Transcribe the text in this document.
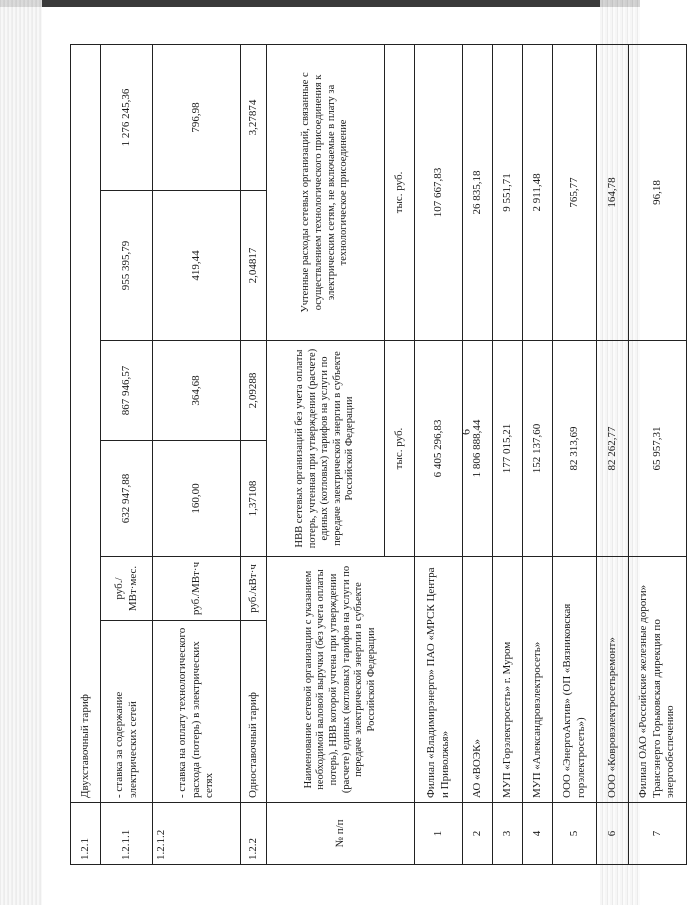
6
1.2.1	Двухставочный тариф					
1.2.1.1	- ставка за содержание электрических сетей	руб./ МВт·мес.	632 947,88	867 946,57	955 395,79	1 276 245,36
1.2.1.2	- ставка на оплату технологического расхода (потерь) в электрических сетях	руб./МВт·ч	160,00	364,68	419,44	796,98
1.2.2	Одноставочный тариф	руб./кВт·ч	1,37108	2,09288	2,04817	3,27874
№ п/п	Наименование сетевой организации с указанием необходимой валовой выручки (без учета оплаты потерь), НВВ которой учтена при утверждении (расчете) единых (котловых) тарифов на услуги по передаче электрической энергии в субъекте Российской Федерации		НВВ сетевых организаций без учета оплаты потерь, учтенная при утверждении (расчете) единых (котловых) тарифов на услуги по передаче электрической энергии в субъекте Российской Федерации		Учтенные расходы сетевых организаций, связанные с осуществлением технологического присоединения к электрическим сетям, не включаемые в плату за технологическое присоединение	
			тыс. руб.		тыс. руб.	
1	Филиал «Владимирэнерго» ПАО «МРСК Центра и Приволжья»		6 405 296,83		107 667,83	
2	АО «ВОЭК»		1 806 888,44		26 835,18	
3	МУП «Горэлектросеть» г. Муром		177 015,21		9 551,71	
4	МУП «Александровэлектросеть»		152 137,60		2 911,48	
5	ООО «ЭнергоАктив» (ОП «Вязниковская горэлектросеть»)		82 313,69		765,77	
6	ООО «Ковровэлектросетьремонт»		82 262,77		164,78	
7	Филиал ОАО «Российские железные дороги» Трансэнерго Горьковская дирекция по энергообеспечению		65 957,31		96,18	
